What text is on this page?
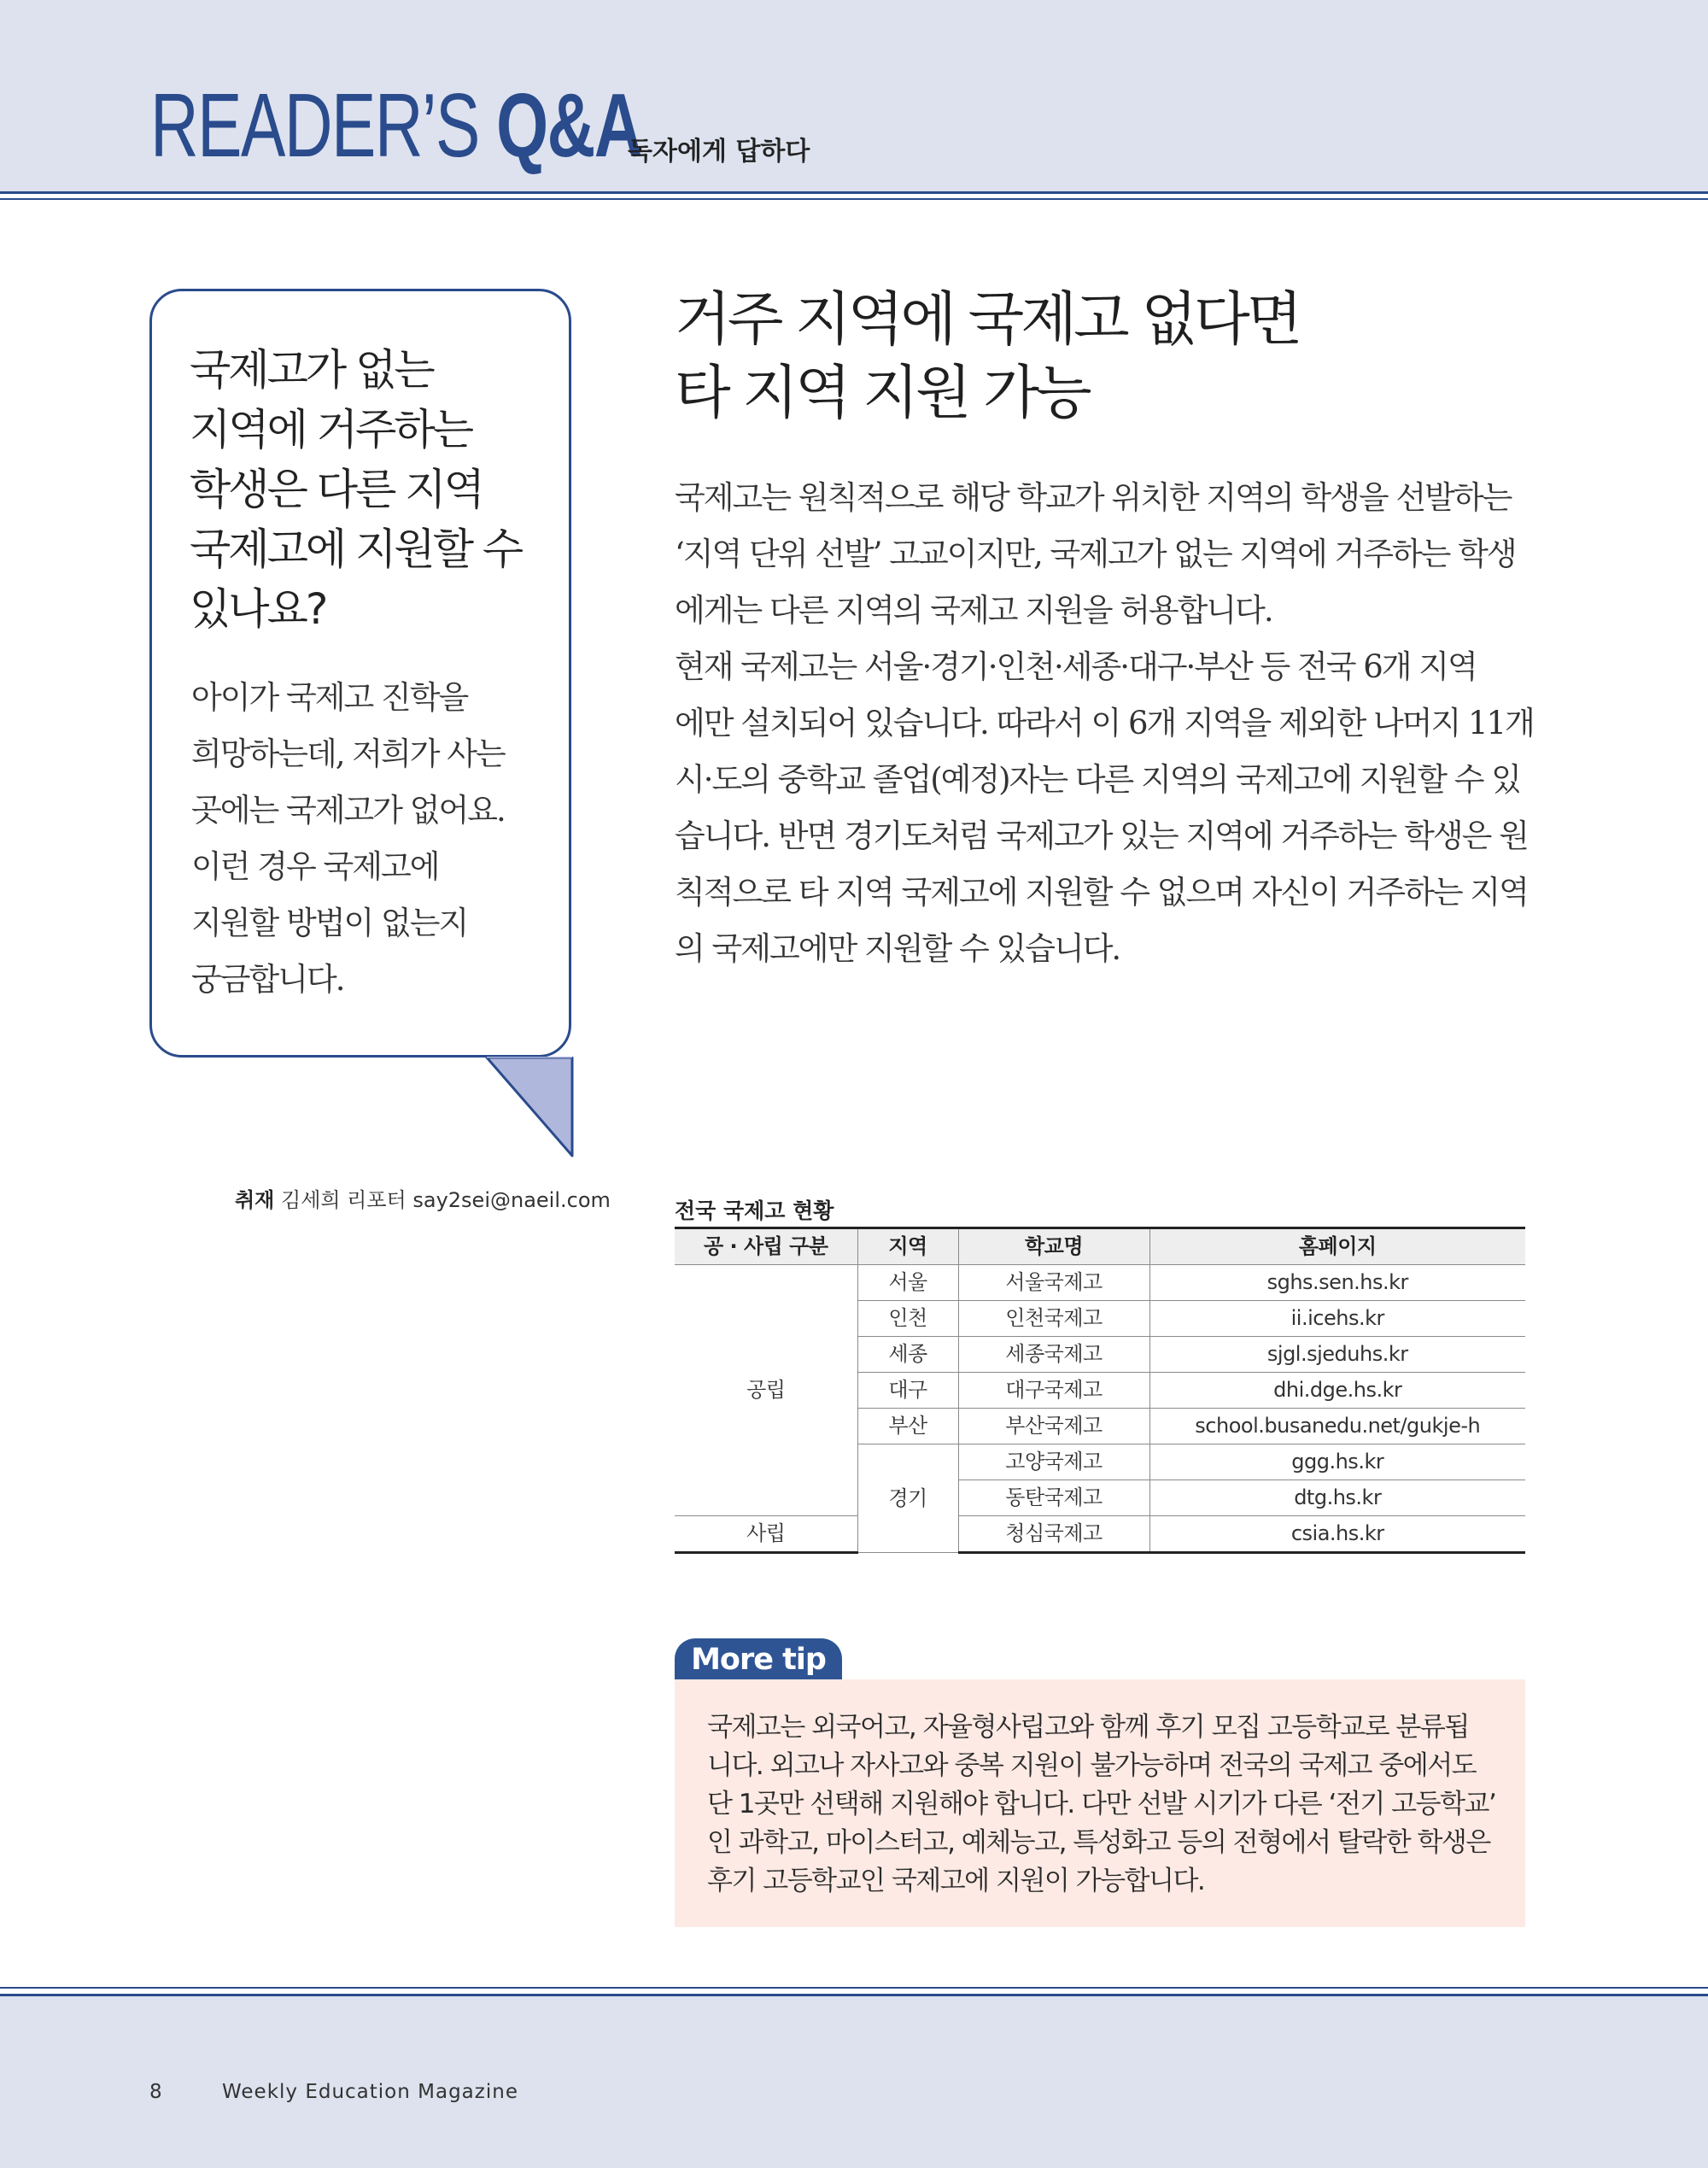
READER’S Q&A
독자에게 답하다
국제고가 없는
지역에 거주하는
학생은 다른 지역
국제고에 지원할 수
있나요?
아이가 국제고 진학을
희망하는데, 저희가 사는
곳에는 국제고가 없어요.
이런 경우 국제고에
지원할 방법이 없는지
궁금합니다.
취재 김세희 리포터 say2sei@naeil.com
거주 지역에 국제고 없다면
타 지역 지원 가능
국제고는 원칙적으로 해당 학교가 위치한 지역의 학생을 선발하는
‘지역 단위 선발’ 고교이지만, 국제고가 없는 지역에 거주하는 학생
에게는 다른 지역의 국제고 지원을 허용합니다.
현재 국제고는 서울·경기·인천·세종·대구·부산 등 전국 6개 지역
에만 설치되어 있습니다. 따라서 이 6개 지역을 제외한 나머지 11개
시·도의 중학교 졸업(예정)자는 다른 지역의 국제고에 지원할 수 있
습니다. 반면 경기도처럼 국제고가 있는 지역에 거주하는 학생은 원
칙적으로 타 지역 국제고에 지원할 수 없으며 자신이 거주하는 지역
의 국제고에만 지원할 수 있습니다.
전국 국제고 현황
공 · 사립 구분	지역	학교명	홈페이지
공립	서울	서울국제고	sghs.sen.hs.kr
	인천	인천국제고	ii.icehs.kr
	세종	세종국제고	sjgl.sjeduhs.kr
	대구	대구국제고	dhi.dge.hs.kr
	부산	부산국제고	school.busanedu.net/gukje-h
	경기	고양국제고	ggg.hs.kr
		동탄국제고	dtg.hs.kr
사립		청심국제고	csia.hs.kr
More tip
국제고는 외국어고, 자율형사립고와 함께 후기 모집 고등학교로 분류됩
니다. 외고나 자사고와 중복 지원이 불가능하며 전국의 국제고 중에서도
단 1곳만 선택해 지원해야 합니다. 다만 선발 시기가 다른 ‘전기 고등학교’
인 과학고, 마이스터고, 예체능고, 특성화고 등의 전형에서 탈락한 학생은
후기 고등학교인 국제고에 지원이 가능합니다.
8	Weekly Education Magazine
